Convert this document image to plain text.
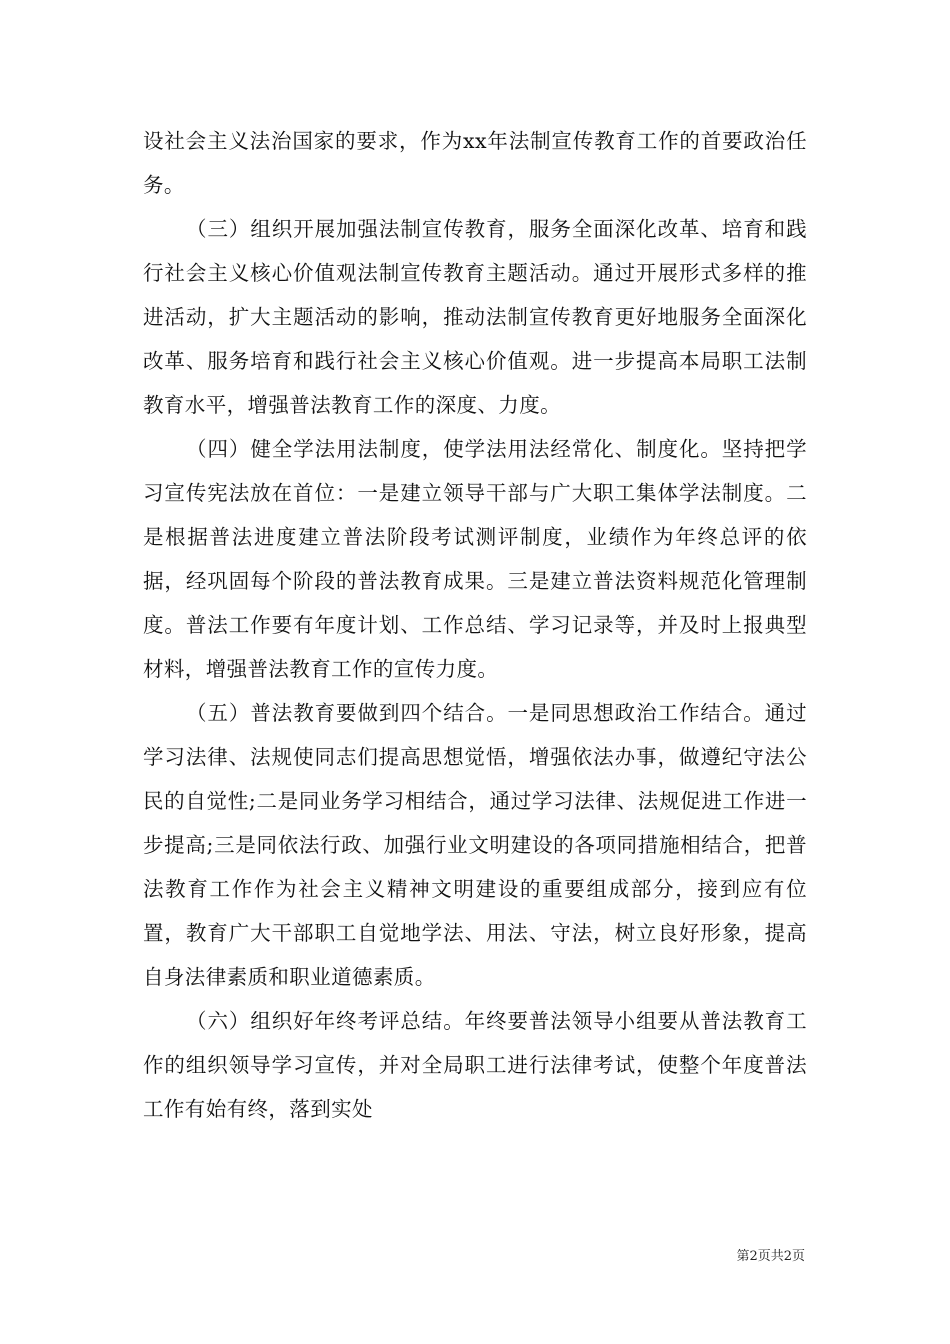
设社会主义法治国家的要求，作为xx年法制宣传教育工作的首要政治任务。

（三）组织开展加强法制宣传教育，服务全面深化改革、培育和践行社会主义核心价值观法制宣传教育主题活动。通过开展形式多样的推进活动，扩大主题活动的影响，推动法制宣传教育更好地服务全面深化改革、服务培育和践行社会主义核心价值观。进一步提高本局职工法制教育水平，增强普法教育工作的深度、力度。

（四）健全学法用法制度，使学法用法经常化、制度化。坚持把学习宣传宪法放在首位：一是建立领导干部与广大职工集体学法制度。二是根据普法进度建立普法阶段考试测评制度，业绩作为年终总评的依据，经巩固每个阶段的普法教育成果。三是建立普法资料规范化管理制度。普法工作要有年度计划、工作总结、学习记录等，并及时上报典型材料，增强普法教育工作的宣传力度。

（五）普法教育要做到四个结合。一是同思想政治工作结合。通过学习法律、法规使同志们提高思想觉悟，增强依法办事，做遵纪守法公民的自觉性;二是同业务学习相结合，通过学习法律、法规促进工作进一步提高;三是同依法行政、加强行业文明建设的各项同措施相结合，把普法教育工作作为社会主义精神文明建设的重要组成部分，接到应有位置，教育广大干部职工自觉地学法、用法、守法，树立良好形象，提高自身法律素质和职业道德素质。

（六）组织好年终考评总结。年终要普法领导小组要从普法教育工作的组织领导学习宣传，并对全局职工进行法律考试，使整个年度普法工作有始有终，落到实处

第2页共2页
